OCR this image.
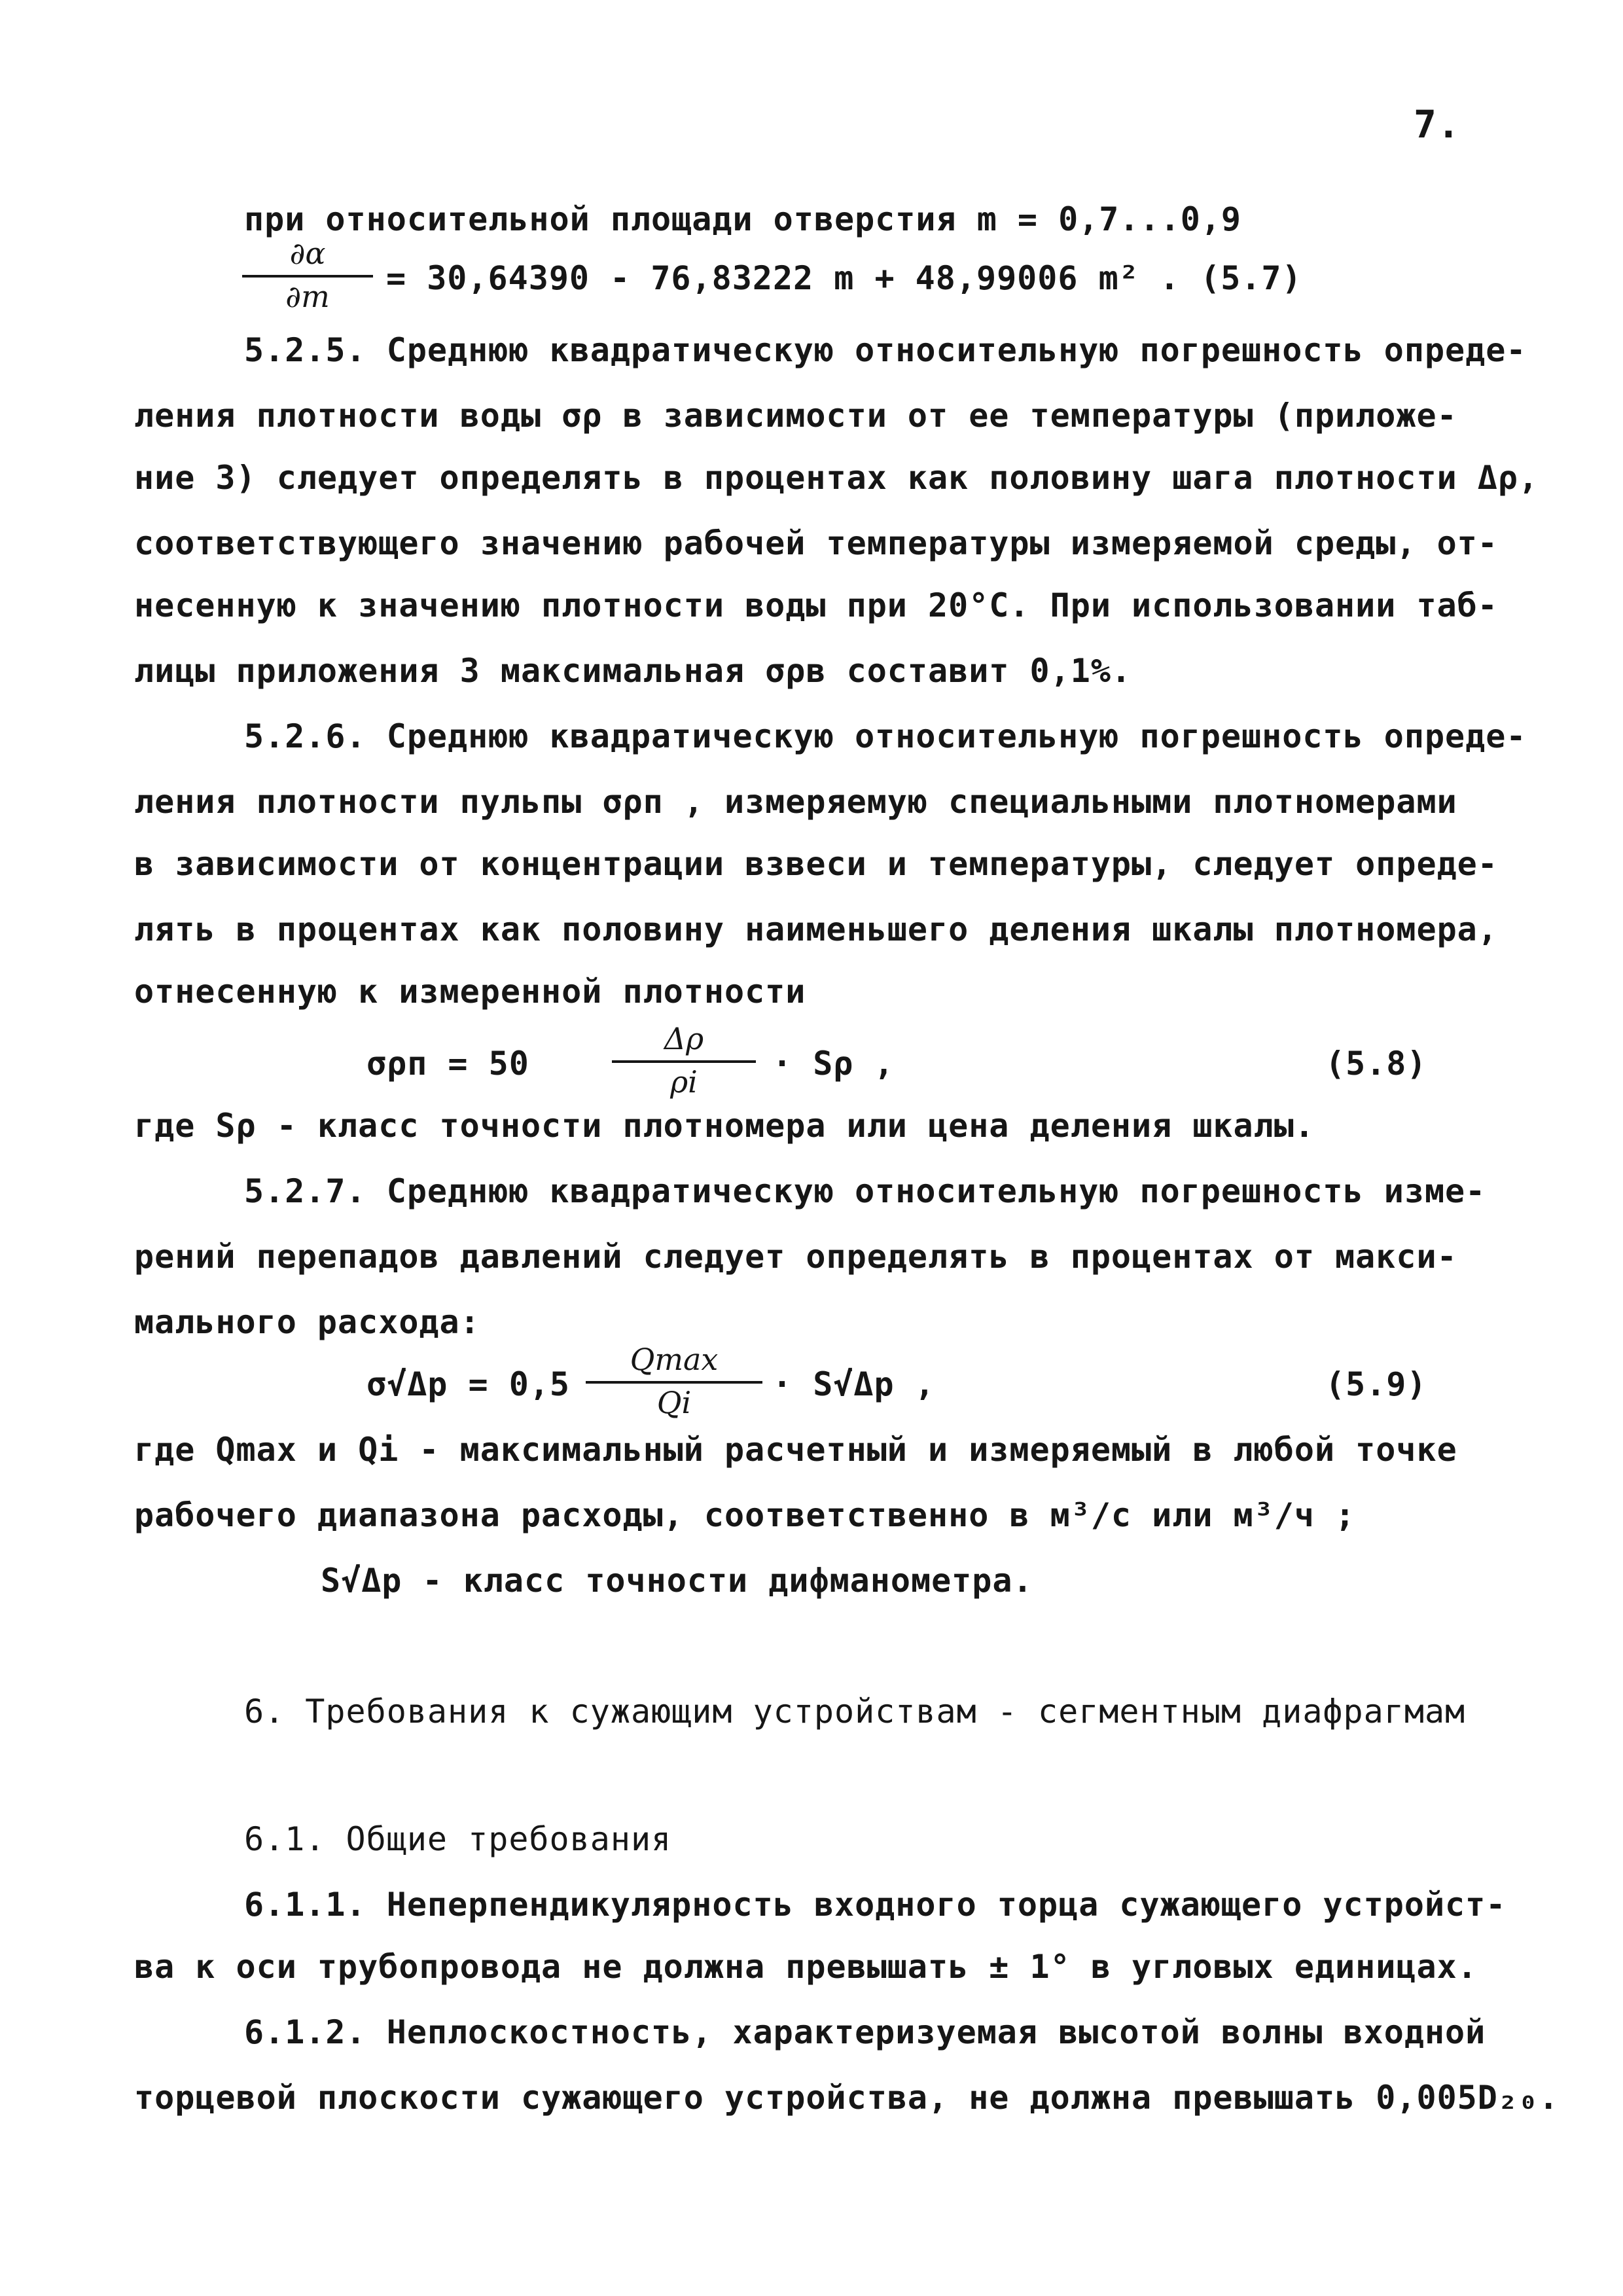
7.
при относительной площади отверстия m = 0,7...0,9
∂α
∂m	= 30,64390 - 76,83222 m + 48,99006 m² . (5.7)
5.2.5. Среднюю квадратическую относительную погрешность опреде-
ления плотности воды σρ в зависимости от ее температуры (приложе-
ние 3) следует определять в процентах как половину шага плотности Δρ,
соответствующего значению рабочей температуры измеряемой среды, от-
несенную к значению плотности воды при 20°С. При использовании таб-
лицы приложения 3 максимальная σρв составит 0,1%.
5.2.6. Среднюю квадратическую относительную погрешность опреде-
ления плотности пульпы σρп , измеряемую специальными плотномерами
в зависимости от концентрации взвеси и температуры, следует опреде-
лять в процентах как половину наименьшего деления шкалы плотномера,
отнесенную к измеренной плотности
σρп = 50
Δρ
ρi	· Sρ ,	(5.8)
где Sρ - класс точности плотномера или цена деления шкалы.
5.2.7. Среднюю квадратическую относительную погрешность изме-
рений перепадов давлений следует определять в процентах от макси-
мального расхода:
σ√Δp = 0,5
Qmax
Qi	· S√Δp ,	(5.9)
где Qmax и Qi - максимальный расчетный и измеряемый в любой точке
рабочего диапазона расходы, соответственно в м³/с или м³/ч ;
S√Δp - класс точности дифманометра.
6. Требования к сужающим устройствам - сегментным диафрагмам
6.1. Общие требования
6.1.1. Неперпендикулярность входного торца сужающего устройст-
ва к оси трубопровода не должна превышать ± 1° в угловых единицах.
6.1.2. Неплоскостность, характеризуемая высотой волны входной
торцевой плоскости сужающего устройства, не должна превышать 0,005D₂₀.
